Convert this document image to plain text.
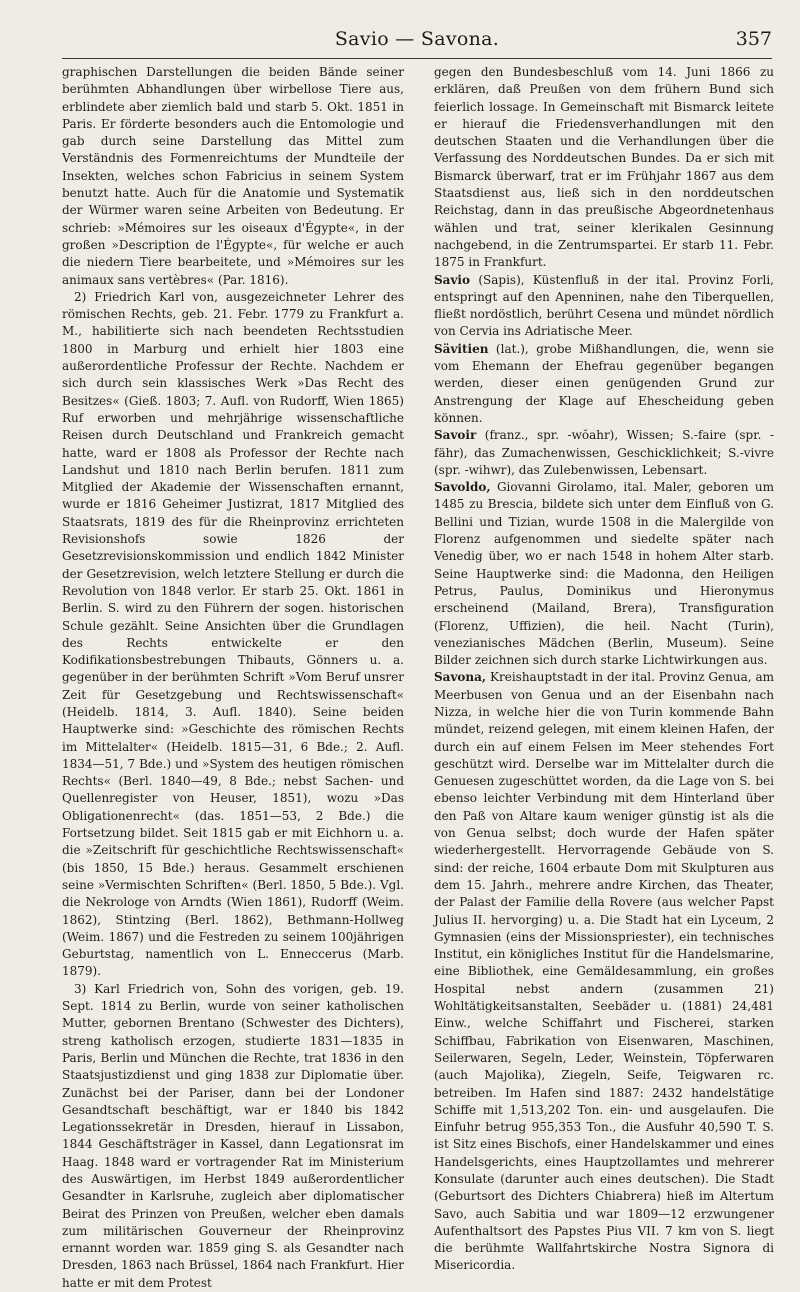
Savio — Savona.	357

graphischen Darstellungen die beiden Bände seiner berühmten Abhandlungen über wirbellose Tiere aus, erblindete aber ziemlich bald und starb 5. Okt. 1851 in Paris. Er förderte besonders auch die Entomologie und gab durch seine Darstellung das Mittel zum Verständnis des Formenreichtums der Mundteile der Insekten, welches schon Fabricius in seinem System benutzt hatte. Auch für die Anatomie und Systematik der Würmer waren seine Arbeiten von Bedeutung. Er schrieb: »Mémoires sur les oiseaux d'Égypte«, in der großen »Description de l'Égypte«, für welche er auch die niedern Tiere bearbeitete, und »Mémoires sur les animaux sans vertèbres« (Par. 1816).

2) Friedrich Karl von, ausgezeichneter Lehrer des römischen Rechts, geb. 21. Febr. 1779 zu Frankfurt a. M., habilitierte sich nach beendeten Rechtsstudien 1800 in Marburg und erhielt hier 1803 eine außerordentliche Professur der Rechte. Nachdem er sich durch sein klassisches Werk »Das Recht des Besitzes« (Gieß. 1803; 7. Aufl. von Rudorff, Wien 1865) Ruf erworben und mehrjährige wissenschaftliche Reisen durch Deutschland und Frankreich gemacht hatte, ward er 1808 als Professor der Rechte nach Landshut und 1810 nach Berlin berufen. 1811 zum Mitglied der Akademie der Wissenschaften ernannt, wurde er 1816 Geheimer Justizrat, 1817 Mitglied des Staatsrats, 1819 des für die Rheinprovinz errichteten Revisionshofs sowie 1826 der Gesetzrevisionskommission und endlich 1842 Minister der Gesetzrevision, welch letztere Stellung er durch die Revolution von 1848 verlor. Er starb 25. Okt. 1861 in Berlin. S. wird zu den Führern der sogen. historischen Schule gezählt. Seine Ansichten über die Grundlagen des Rechts entwickelte er den Kodifikationsbestrebungen Thibauts, Gönners u. a. gegenüber in der berühmten Schrift »Vom Beruf unsrer Zeit für Gesetzgebung und Rechtswissenschaft« (Heidelb. 1814, 3. Aufl. 1840). Seine beiden Hauptwerke sind: »Geschichte des römischen Rechts im Mittelalter« (Heidelb. 1815—31, 6 Bde.; 2. Aufl. 1834—51, 7 Bde.) und »System des heutigen römischen Rechts« (Berl. 1840—49, 8 Bde.; nebst Sachen- und Quellenregister von Heuser, 1851), wozu »Das Obligationenrecht« (das. 1851—53, 2 Bde.) die Fortsetzung bildet. Seit 1815 gab er mit Eichhorn u. a. die »Zeitschrift für geschichtliche Rechtswissenschaft« (bis 1850, 15 Bde.) heraus. Gesammelt erschienen seine »Vermischten Schriften« (Berl. 1850, 5 Bde.). Vgl. die Nekrologe von Arndts (Wien 1861), Rudorff (Weim. 1862), Stintzing (Berl. 1862), Bethmann-Hollweg (Weim. 1867) und die Festreden zu seinem 100jährigen Geburtstag, namentlich von L. Enneccerus (Marb. 1879).

3) Karl Friedrich von, Sohn des vorigen, geb. 19. Sept. 1814 zu Berlin, wurde von seiner katholischen Mutter, gebornen Brentano (Schwester des Dichters), streng katholisch erzogen, studierte 1831—1835 in Paris, Berlin und München die Rechte, trat 1836 in den Staatsjustizdienst und ging 1838 zur Diplomatie über. Zunächst bei der Pariser, dann bei der Londoner Gesandtschaft beschäftigt, war er 1840 bis 1842 Legationssekretär in Dresden, hierauf in Lissabon, 1844 Geschäftsträger in Kassel, dann Legationsrat im Haag. 1848 ward er vortragender Rat im Ministerium des Auswärtigen, im Herbst 1849 außerordentlicher Gesandter in Karlsruhe, zugleich aber diplomatischer Beirat des Prinzen von Preußen, welcher eben damals zum militärischen Gouverneur der Rheinprovinz ernannt worden war. 1859 ging S. als Gesandter nach Dresden, 1863 nach Brüssel, 1864 nach Frankfurt. Hier hatte er mit dem Protest

gegen den Bundesbeschluß vom 14. Juni 1866 zu erklären, daß Preußen von dem frühern Bund sich feierlich lossage. In Gemeinschaft mit Bismarck leitete er hierauf die Friedensverhandlungen mit den deutschen Staaten und die Verhandlungen über die Verfassung des Norddeutschen Bundes. Da er sich mit Bismarck überwarf, trat er im Frühjahr 1867 aus dem Staatsdienst aus, ließ sich in den norddeutschen Reichstag, dann in das preußische Abgeordnetenhaus wählen und trat, seiner klerikalen Gesinnung nachgebend, in die Zentrumspartei. Er starb 11. Febr. 1875 in Frankfurt.

Savio (Sapis), Küstenfluß in der ital. Provinz Forli, entspringt auf den Apenninen, nahe den Tiberquellen, fließt nordöstlich, berührt Cesena und mündet nördlich von Cervia ins Adriatische Meer.

Sävitien (lat.), grobe Mißhandlungen, die, wenn sie vom Ehemann der Ehefrau gegenüber begangen werden, dieser einen genügenden Grund zur Anstrengung der Klage auf Ehescheidung geben können.

Savoir (franz., spr. -wŏahr), Wissen; S.-faire (spr. -fähr), das Zumachenwissen, Geschicklichkeit; S.-vivre (spr. -wihwr), das Zulebenwissen, Lebensart.

Savoldo, Giovanni Girolamo, ital. Maler, geboren um 1485 zu Brescia, bildete sich unter dem Einfluß von G. Bellini und Tizian, wurde 1508 in die Malergilde von Florenz aufgenommen und siedelte später nach Venedig über, wo er nach 1548 in hohem Alter starb. Seine Hauptwerke sind: die Madonna, den Heiligen Petrus, Paulus, Dominikus und Hieronymus erscheinend (Mailand, Brera), Transfiguration (Florenz, Uffizien), die heil. Nacht (Turin), venezianisches Mädchen (Berlin, Museum). Seine Bilder zeichnen sich durch starke Lichtwirkungen aus.

Savona, Kreishauptstadt in der ital. Provinz Genua, am Meerbusen von Genua und an der Eisenbahn nach Nizza, in welche hier die von Turin kommende Bahn mündet, reizend gelegen, mit einem kleinen Hafen, der durch ein auf einem Felsen im Meer stehendes Fort geschützt wird. Derselbe war im Mittelalter durch die Genuesen zugeschüttet worden, da die Lage von S. bei ebenso leichter Verbindung mit dem Hinterland über den Paß von Altare kaum weniger günstig ist als die von Genua selbst; doch wurde der Hafen später wiederhergestellt. Hervorragende Gebäude von S. sind: der reiche, 1604 erbaute Dom mit Skulpturen aus dem 15. Jahrh., mehrere andre Kirchen, das Theater, der Palast der Familie della Rovere (aus welcher Papst Julius II. hervorging) u. a. Die Stadt hat ein Lyceum, 2 Gymnasien (eins der Missionspriester), ein technisches Institut, ein königliches Institut für die Handelsmarine, eine Bibliothek, eine Gemäldesammlung, ein großes Hospital nebst andern (zusammen 21) Wohltätigkeitsanstalten, Seebäder u. (1881) 24,481 Einw., welche Schiffahrt und Fischerei, starken Schiffbau, Fabrikation von Eisenwaren, Maschinen, Seilerwaren, Segeln, Leder, Weinstein, Töpferwaren (auch Majolika), Ziegeln, Seife, Teigwaren rc. betreiben. Im Hafen sind 1887: 2432 handelstätige Schiffe mit 1,513,202 Ton. ein- und ausgelaufen. Die Einfuhr betrug 955,353 Ton., die Ausfuhr 40,590 T. S. ist Sitz eines Bischofs, einer Handelskammer und eines Handelsgerichts, eines Hauptzollamtes und mehrerer Konsulate (darunter auch eines deutschen). Die Stadt (Geburtsort des Dichters Chiabrera) hieß im Altertum Savo, auch Sabitia und war 1809—12 erzwungener Aufenthaltsort des Papstes Pius VII. 7 km von S. liegt die berühmte Wallfahrtskirche Nostra Signora di Misericordia.
